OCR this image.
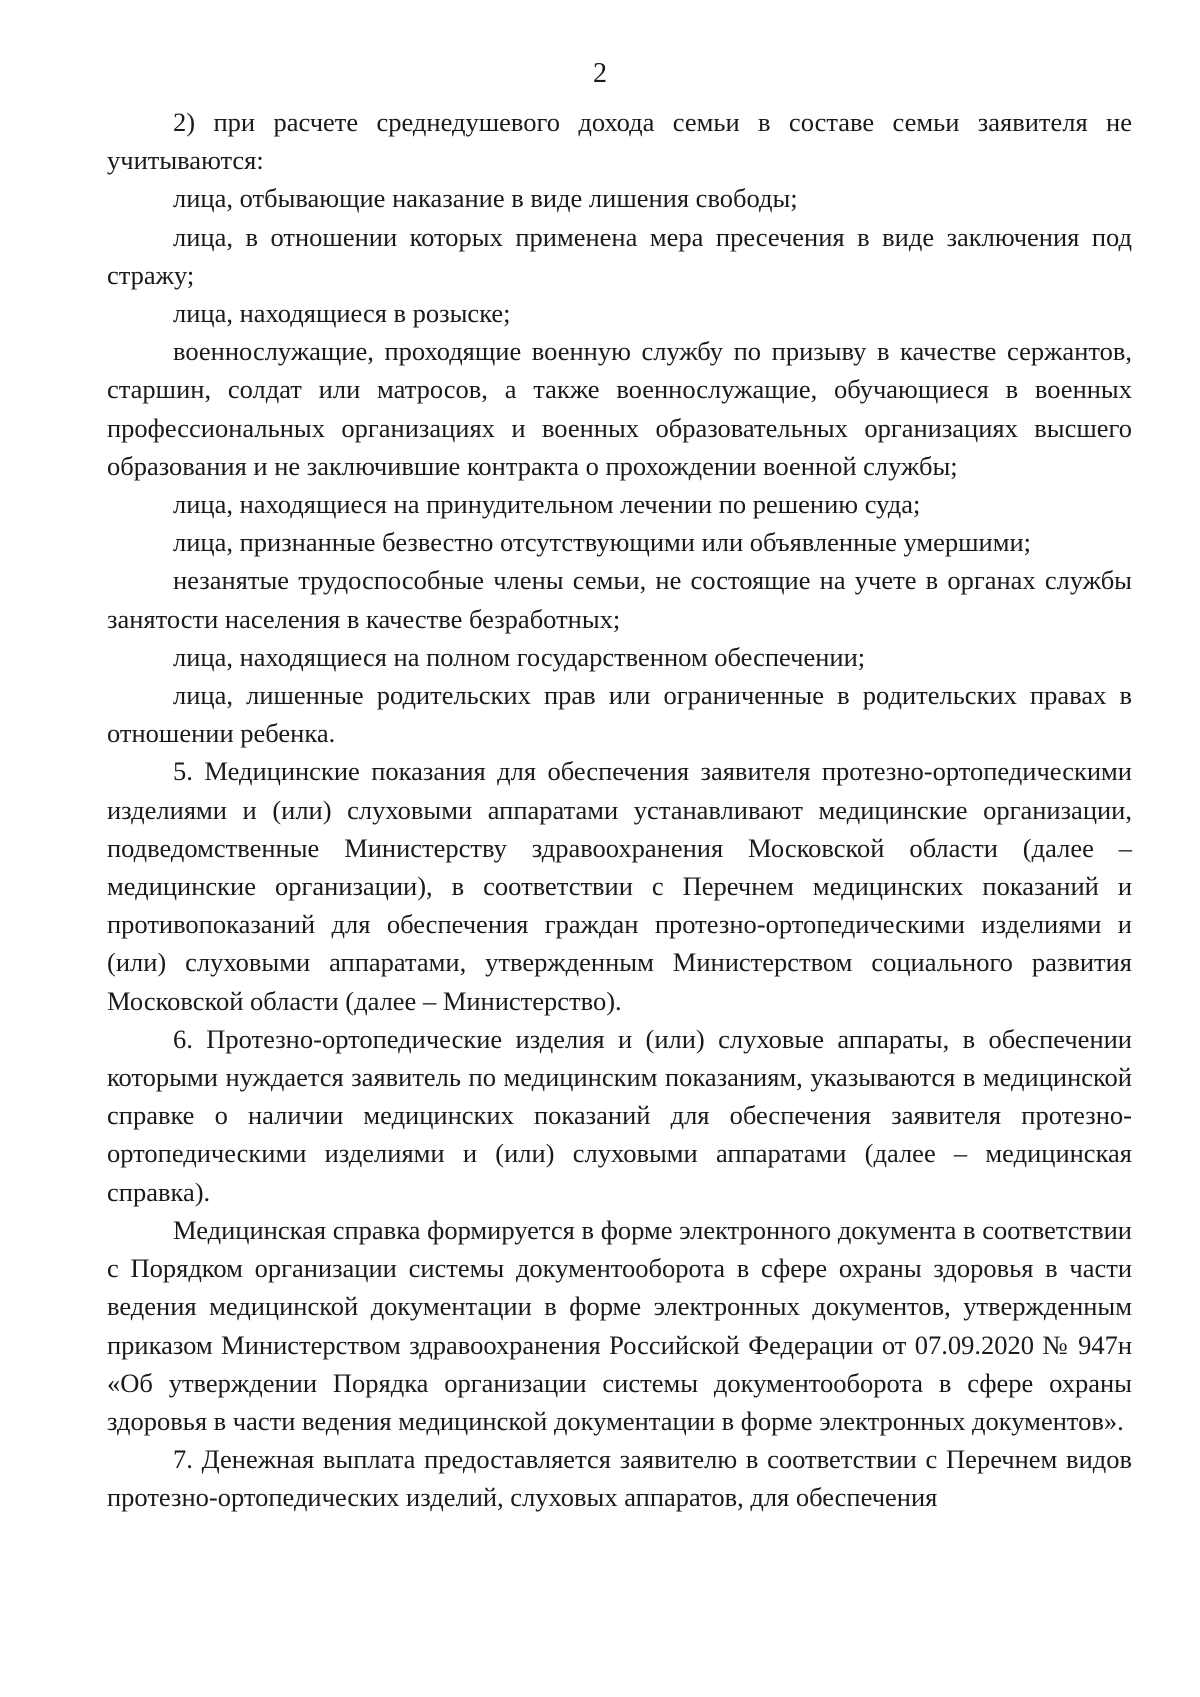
2

2) при расчете среднедушевого дохода семьи в составе семьи заявителя не учитываются:

лица, отбывающие наказание в виде лишения свободы;

лица, в отношении которых применена мера пресечения в виде заключения под стражу;

лица, находящиеся в розыске;

военнослужащие, проходящие военную службу по призыву в качестве сержантов, старшин, солдат или матросов, а также военнослужащие, обучающиеся в военных профессиональных организациях и военных образовательных организациях высшего образования и не заключившие контракта о прохождении военной службы;

лица, находящиеся на принудительном лечении по решению суда;

лица, признанные безвестно отсутствующими или объявленные умершими;

незанятые трудоспособные члены семьи, не состоящие на учете в органах службы занятости населения в качестве безработных;

лица, находящиеся на полном государственном обеспечении;

лица, лишенные родительских прав или ограниченные в родительских правах в отношении ребенка.

5. Медицинские показания для обеспечения заявителя протезно-ортопедическими изделиями и (или) слуховыми аппаратами устанавливают медицинские организации, подведомственные Министерству здравоохранения Московской области (далее – медицинские организации), в соответствии с Перечнем медицинских показаний и противопоказаний для обеспечения граждан протезно-ортопедическими изделиями и (или) слуховыми аппаратами, утвержденным Министерством социального развития Московской области (далее – Министерство).

6. Протезно-ортопедические изделия и (или) слуховые аппараты, в обеспечении которыми нуждается заявитель по медицинским показаниям, указываются в медицинской справке о наличии медицинских показаний для обеспечения заявителя протезно-ортопедическими изделиями и (или) слуховыми аппаратами (далее – медицинская справка).

Медицинская справка формируется в форме электронного документа в соответствии с Порядком организации системы документооборота в сфере охраны здоровья в части ведения медицинской документации в форме электронных документов, утвержденным приказом Министерством здравоохранения Российской Федерации от 07.09.2020 № 947н «Об утверждении Порядка организации системы документооборота в сфере охраны здоровья в части ведения медицинской документации в форме электронных документов».

7. Денежная выплата предоставляется заявителю в соответствии с Перечнем видов протезно-ортопедических изделий, слуховых аппаратов, для обеспечения
